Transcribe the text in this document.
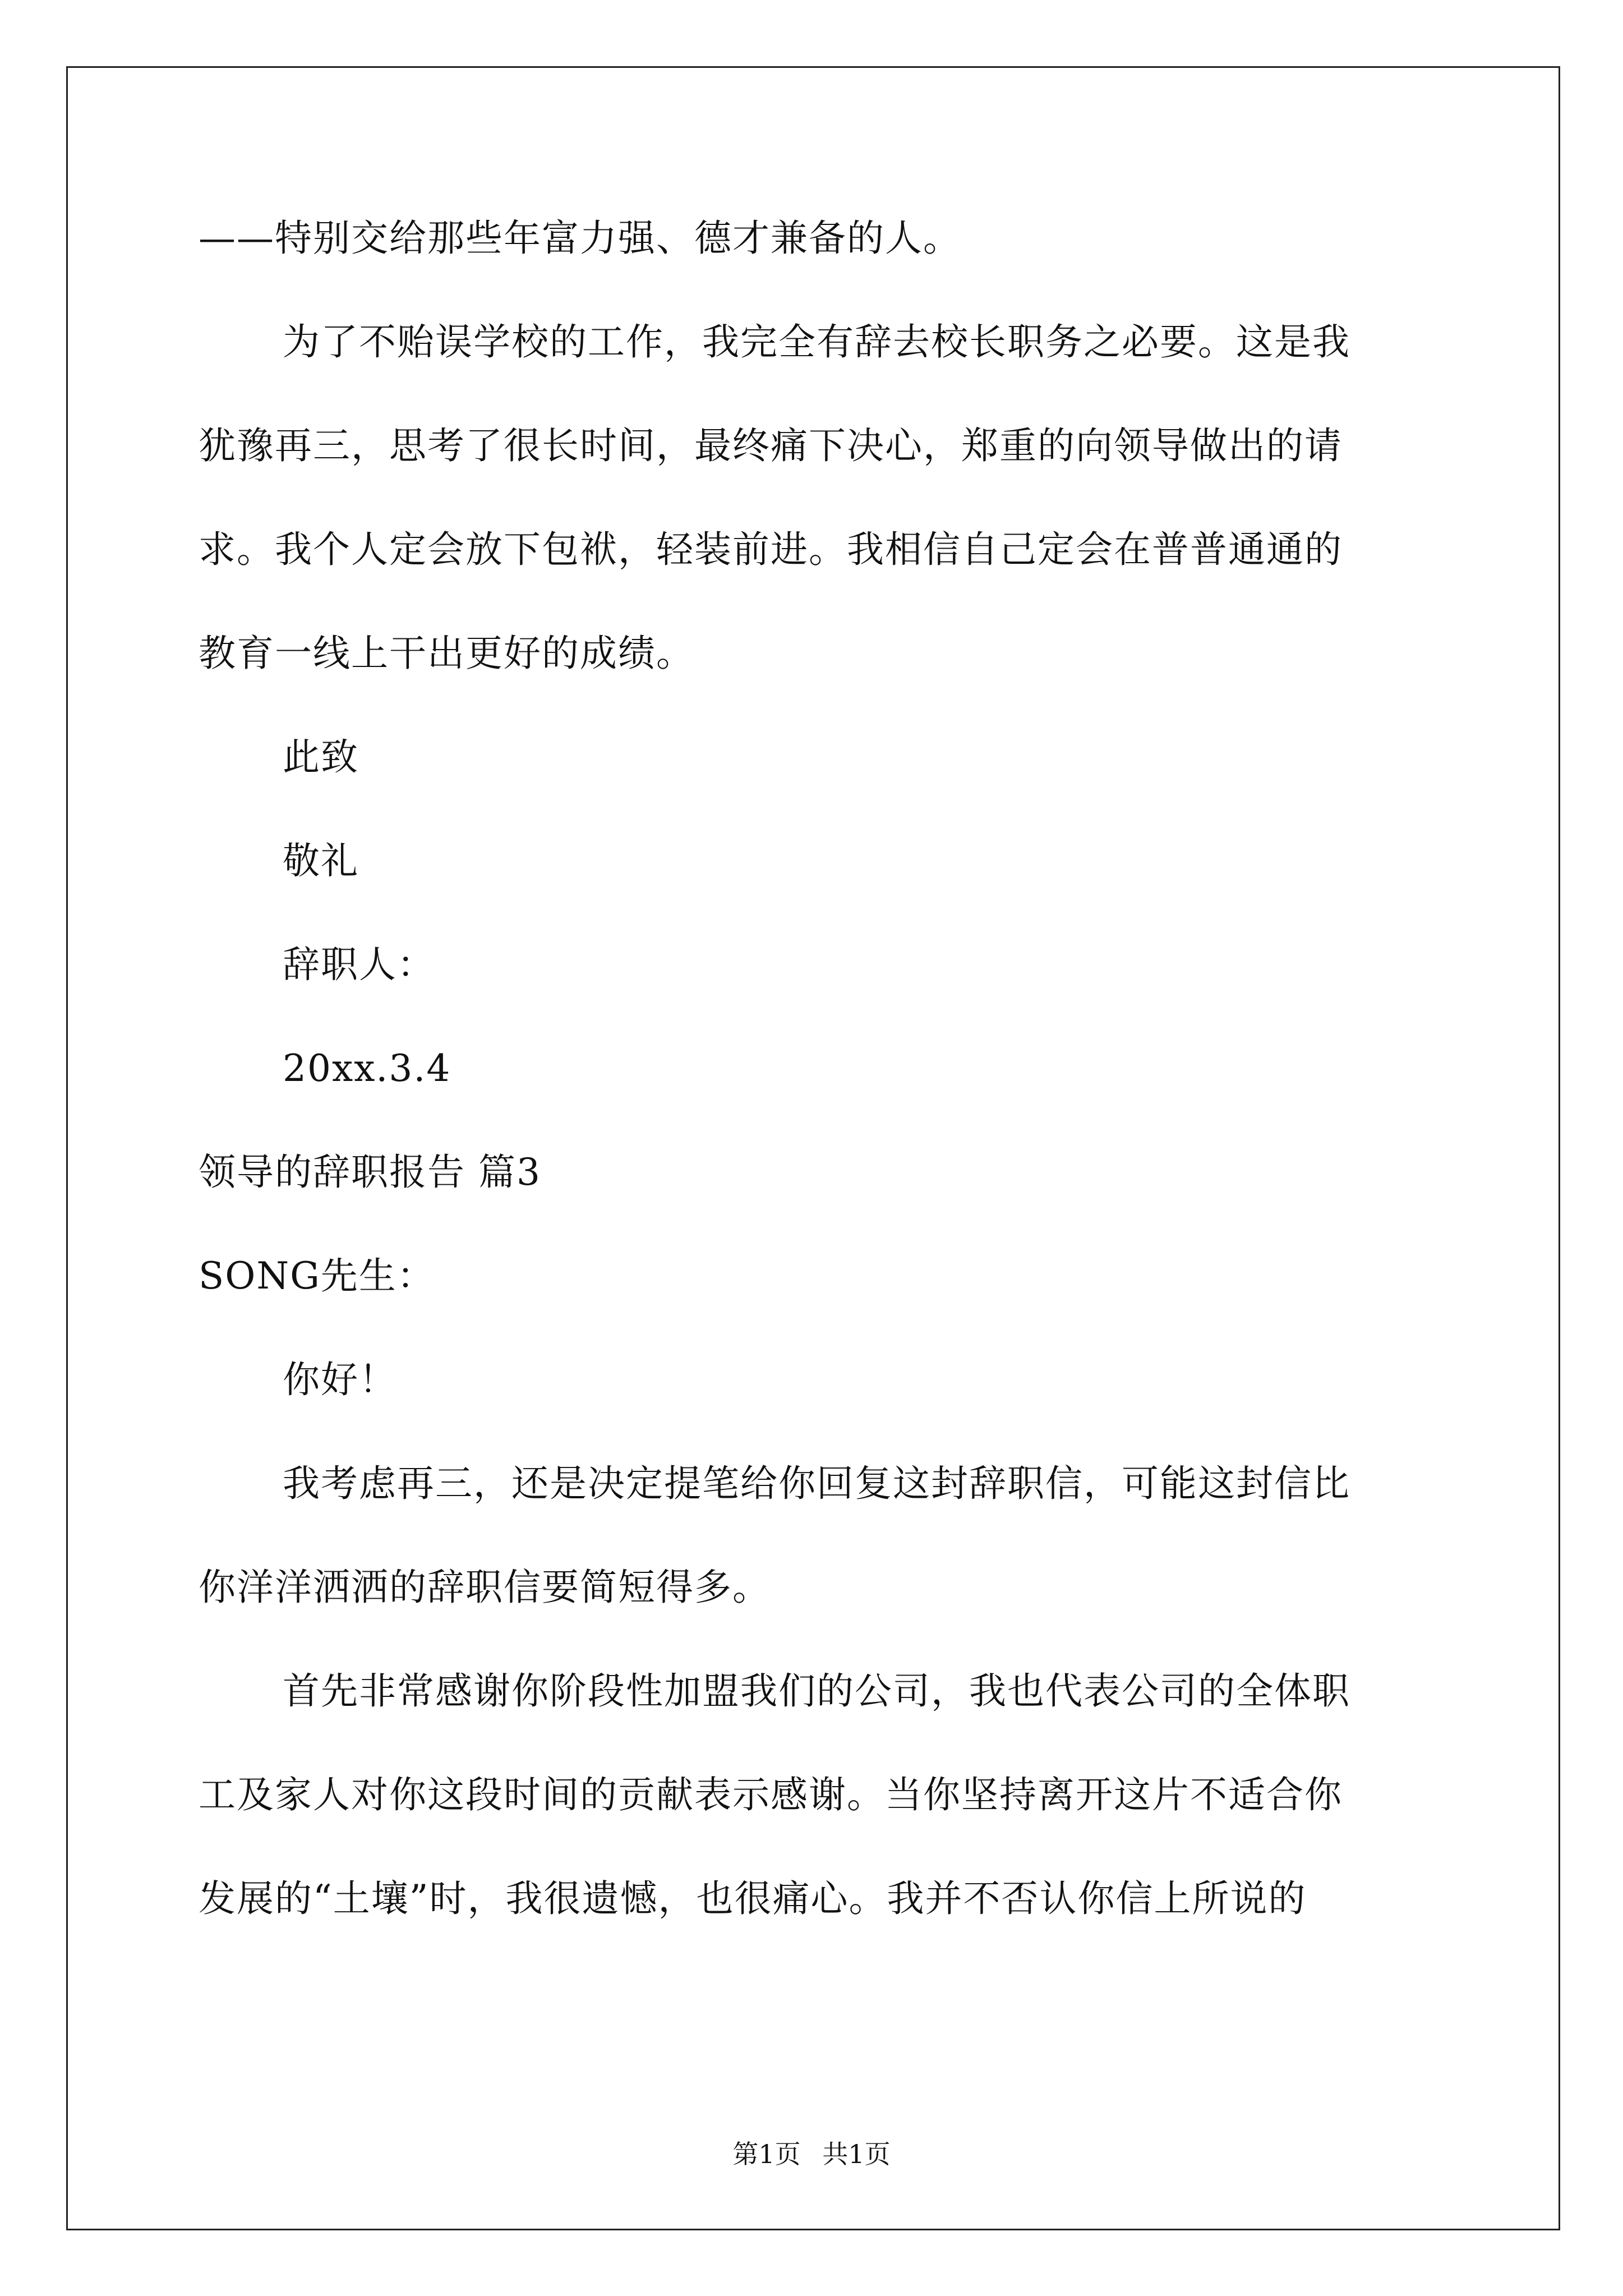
——特别交给那些年富力强、德才兼备的人。
为了不贻误学校的工作，我完全有辞去校长职务之必要。这是我
犹豫再三，思考了很长时间，最终痛下决心，郑重的向领导做出的请
求。我个人定会放下包袱，轻装前进。我相信自己定会在普普通通的
教育一线上干出更好的成绩。
此致
敬礼
辞职人：
20xx.3.4
领导的辞职报告 篇3
SONG先生：
你好！
我考虑再三，还是决定提笔给你回复这封辞职信，可能这封信比
你洋洋洒洒的辞职信要简短得多。
首先非常感谢你阶段性加盟我们的公司，我也代表公司的全体职
工及家人对你这段时间的贡献表示感谢。当你坚持离开这片不适合你
发展的“土壤”时，我很遗憾，也很痛心。我并不否认你信上所说的
第1页 共1页
